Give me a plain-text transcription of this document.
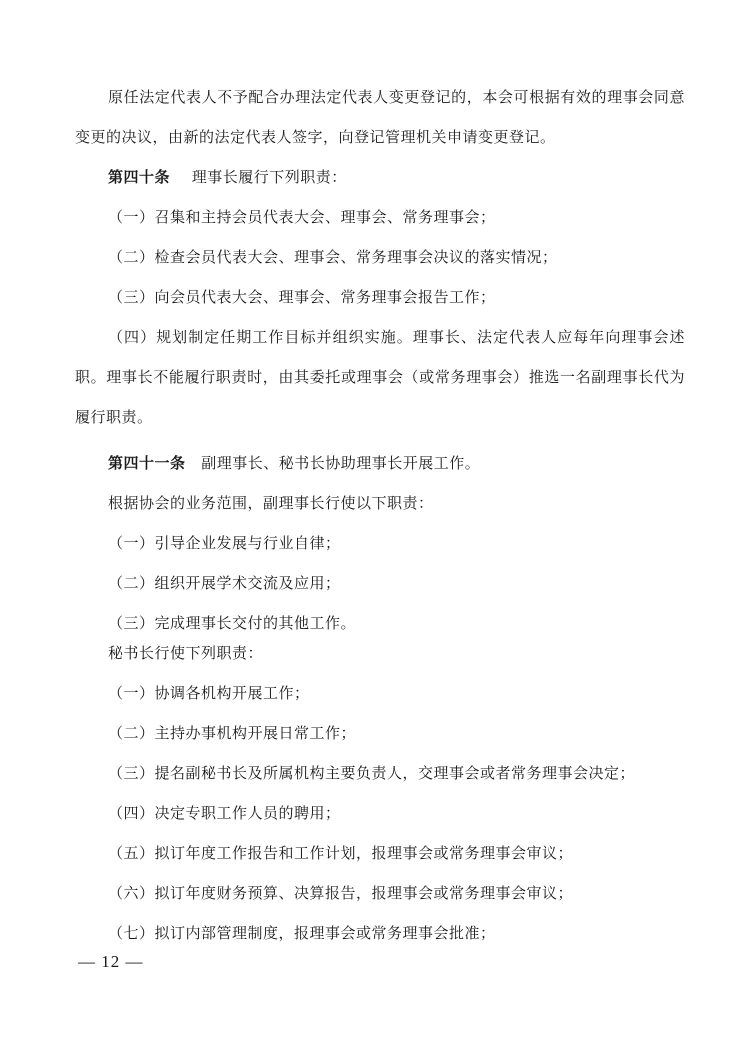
原任法定代表人不予配合办理法定代表人变更登记的，本会可根据有效的理事会同意变更的决议，由新的法定代表人签字，向登记管理机关申请变更登记。

第四十条 理事长履行下列职责：

（一）召集和主持会员代表大会、理事会、常务理事会；

（二）检查会员代表大会、理事会、常务理事会决议的落实情况；

（三）向会员代表大会、理事会、常务理事会报告工作；

（四）规划制定任期工作目标并组织实施。理事长、法定代表人应每年向理事会述职。理事长不能履行职责时，由其委托或理事会（或常务理事会）推选一名副理事长代为履行职责。

第四十一条 副理事长、秘书长协助理事长开展工作。

根据协会的业务范围，副理事长行使以下职责：

（一）引导企业发展与行业自律；

（二）组织开展学术交流及应用；

（三）完成理事长交付的其他工作。

秘书长行使下列职责：

（一）协调各机构开展工作；

（二）主持办事机构开展日常工作；

（三）提名副秘书长及所属机构主要负责人，交理事会或者常务理事会决定；

（四）决定专职工作人员的聘用；

（五）拟订年度工作报告和工作计划，报理事会或常务理事会审议；

（六）拟订年度财务预算、决算报告，报理事会或常务理事会审议；

（七）拟订内部管理制度，报理事会或常务理事会批准；

— 12 —
